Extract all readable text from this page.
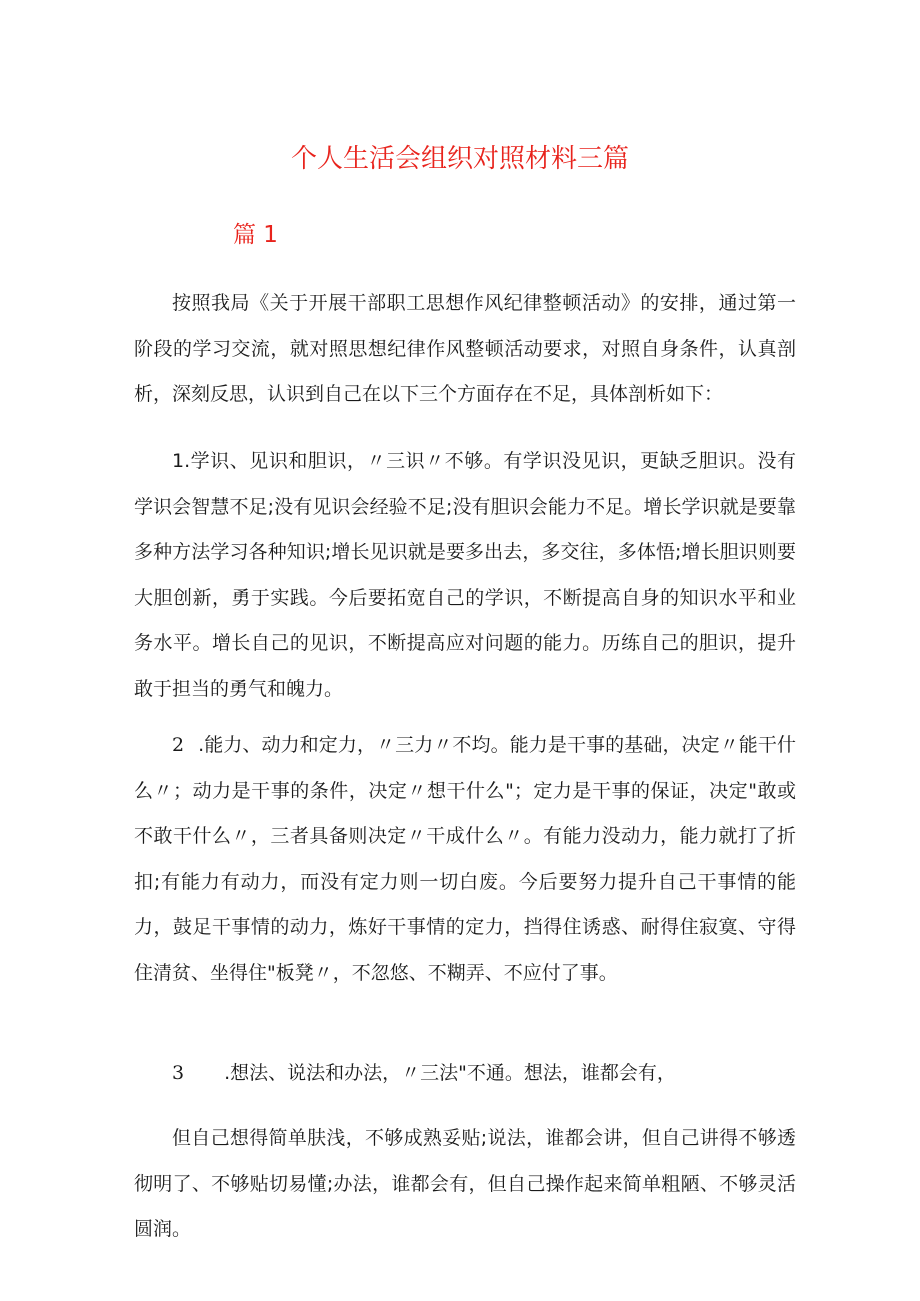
个人生活会组织对照材料三篇
篇 1

按照我局《关于开展干部职工思想作风纪律整顿活动》的安排，通过第一阶段的学习交流，就对照思想纪律作风整顿活动要求，对照自身条件，认真剖析，深刻反思，认识到自己在以下三个方面存在不足，具体剖析如下：

1.学识、见识和胆识，〃三识〃不够。有学识没见识，更缺乏胆识。没有学识会智慧不足;没有见识会经验不足;没有胆识会能力不足。增长学识就是要靠多种方法学习各种知识;增长见识就是要多出去，多交往，多体悟;增长胆识则要大胆创新，勇于实践。今后要拓宽自己的学识，不断提高自身的知识水平和业务水平。增长自己的见识，不断提高应对问题的能力。历练自己的胆识，提升敢于担当的勇气和魄力。

2 .能力、动力和定力，〃三力〃不均。能力是干事的基础，决定〃能干什么〃；动力是干事的条件，决定〃想干什么"；定力是干事的保证，决定"敢或不敢干什么〃，三者具备则决定〃干成什么〃。有能力没动力，能力就打了折扣;有能力有动力，而没有定力则一切白废。今后要努力提升自己干事情的能力，鼓足干事情的动力，炼好干事情的定力，挡得住诱惑、耐得住寂寞、守得住清贫、坐得住"板凳〃，不忽悠、不糊弄、不应付了事。

3 .想法、说法和办法，〃三法"不通。想法，谁都会有，

但自己想得简单肤浅，不够成熟妥贴;说法，谁都会讲，但自己讲得不够透彻明了、不够贴切易懂;办法，谁都会有，但自己操作起来简单粗陋、不够灵活圆润。
